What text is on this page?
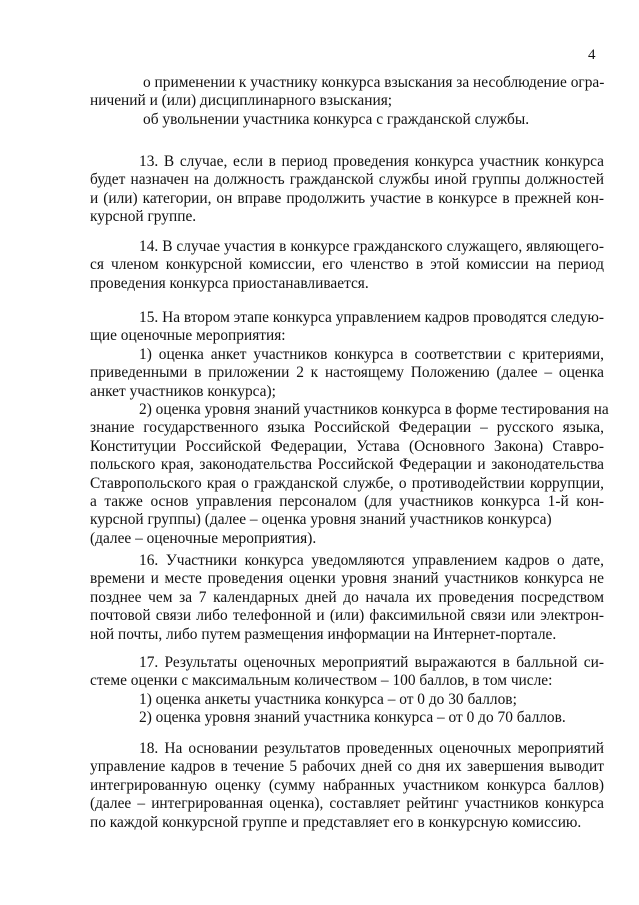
4
о применении к участнику конкурса взыскания за несоблюдение огра-
ничений и (или) дисциплинарного взыскания;
об увольнении участника конкурса с гражданской службы.
13. В случае, если в период проведения конкурса участник конкурса
будет назначен на должность гражданской службы иной группы должностей
и (или) категории, он вправе продолжить участие в конкурсе в прежней кон-
курсной группе.
14. В случае участия в конкурсе гражданского служащего, являющего-
ся членом конкурсной комиссии, его членство в этой комиссии на период
проведения конкурса приостанавливается.
15. На втором этапе конкурса управлением кадров проводятся следую-
щие оценочные мероприятия:
1) оценка анкет участников конкурса в соответствии с критериями,
приведенными в приложении 2 к настоящему Положению (далее – оценка
анкет участников конкурса);
2) оценка уровня знаний участников конкурса в форме тестирования на
знание государственного языка Российской Федерации – русского языка,
Конституции Российской Федерации, Устава (Основного Закона) Ставро-
польского края, законодательства Российской Федерации и законодательства
Ставропольского края о гражданской службе, о противодействии коррупции,
а также основ управления персоналом (для участников конкурса 1-й кон-
курсной группы) (далее – оценка уровня знаний участников конкурса)
(далее – оценочные мероприятия).
16. Участники конкурса уведомляются управлением кадров о дате,
времени и месте проведения оценки уровня знаний участников конкурса не
позднее чем за 7 календарных дней до начала их проведения посредством
почтовой связи либо телефонной и (или) факсимильной связи или электрон-
ной почты, либо путем размещения информации на Интернет-портале.
17. Результаты оценочных мероприятий выражаются в балльной си-
стеме оценки с максимальным количеством – 100 баллов, в том числе:
1) оценка анкеты участника конкурса – от 0 до 30 баллов;
2) оценка уровня знаний участника конкурса – от 0 до 70 баллов.
18. На основании результатов проведенных оценочных мероприятий
управление кадров в течение 5 рабочих дней со дня их завершения выводит
интегрированную оценку (сумму набранных участником конкурса баллов)
(далее – интегрированная оценка), составляет рейтинг участников конкурса
по каждой конкурсной группе и представляет его в конкурсную комиссию.
